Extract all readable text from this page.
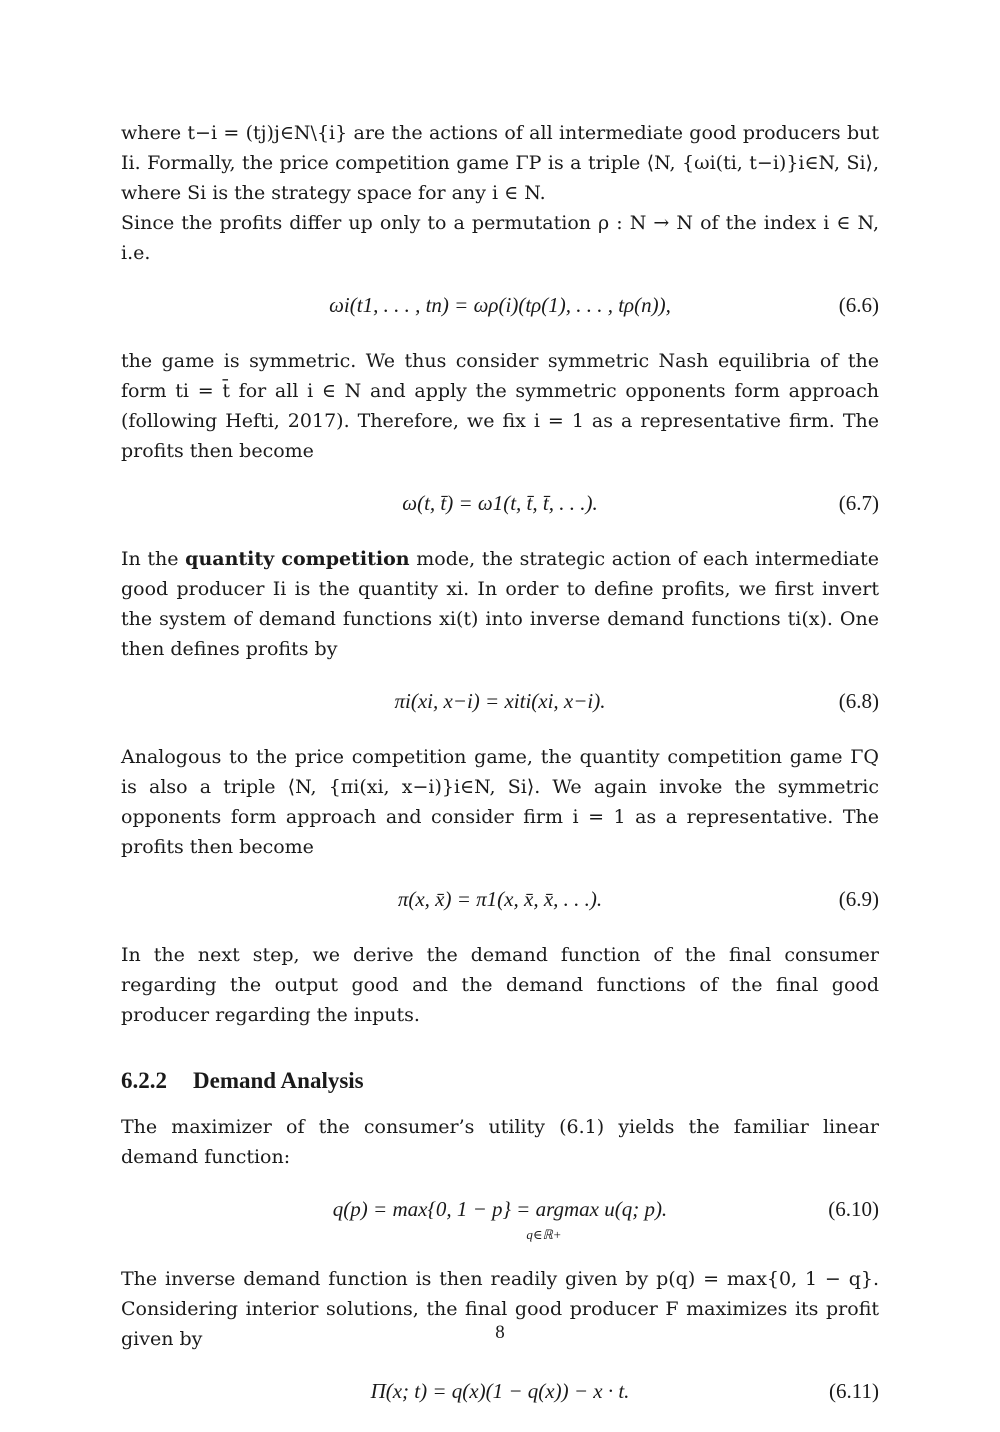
where t−i = (tj)j∈N\{i} are the actions of all intermediate good producers but Ii. Formally, the price competition game ΓP is a triple ⟨N, {ωi(ti, t−i)}i∈N, Si⟩, where Si is the strategy space for any i ∈ N.

Since the profits differ up only to a permutation ρ : N → N of the index i ∈ N, i.e.

ωi(t1, . . . , tn) = ωρ(i)(tρ(1), . . . , tρ(n)),	(6.6)

the game is symmetric. We thus consider symmetric Nash equilibria of the form ti = t̄ for all i ∈ N and apply the symmetric opponents form approach (following Hefti, 2017). Therefore, we fix i = 1 as a representative firm. The profits then become

ω(t, t̄) = ω1(t, t̄, t̄, . . .).	(6.7)

In the quantity competition mode, the strategic action of each intermediate good producer Ii is the quantity xi. In order to define profits, we first invert the system of demand functions xi(t) into inverse demand functions ti(x). One then defines profits by

πi(xi, x−i) = xiti(xi, x−i).	(6.8)

Analogous to the price competition game, the quantity competition game ΓQ is also a triple ⟨N, {πi(xi, x−i)}i∈N, Si⟩. We again invoke the symmetric opponents form approach and consider firm i = 1 as a representative. The profits then become

π(x, x̄) = π1(x, x̄, x̄, . . .).	(6.9)

In the next step, we derive the demand function of the final consumer regarding the output good and the demand functions of the final good producer regarding the inputs.

6.2.2 Demand Analysis

The maximizer of the consumer’s utility (6.1) yields the familiar linear demand function:

q(p) = max{0, 1 − p} = argmax u(q; p).
q∈ℝ+
(6.10)

The inverse demand function is then readily given by p(q) = max{0, 1 − q}. Considering interior solutions, the final good producer F maximizes its profit given by

Π(x; t) = q(x)(1 − q(x)) − x · t.	(6.11)
8
